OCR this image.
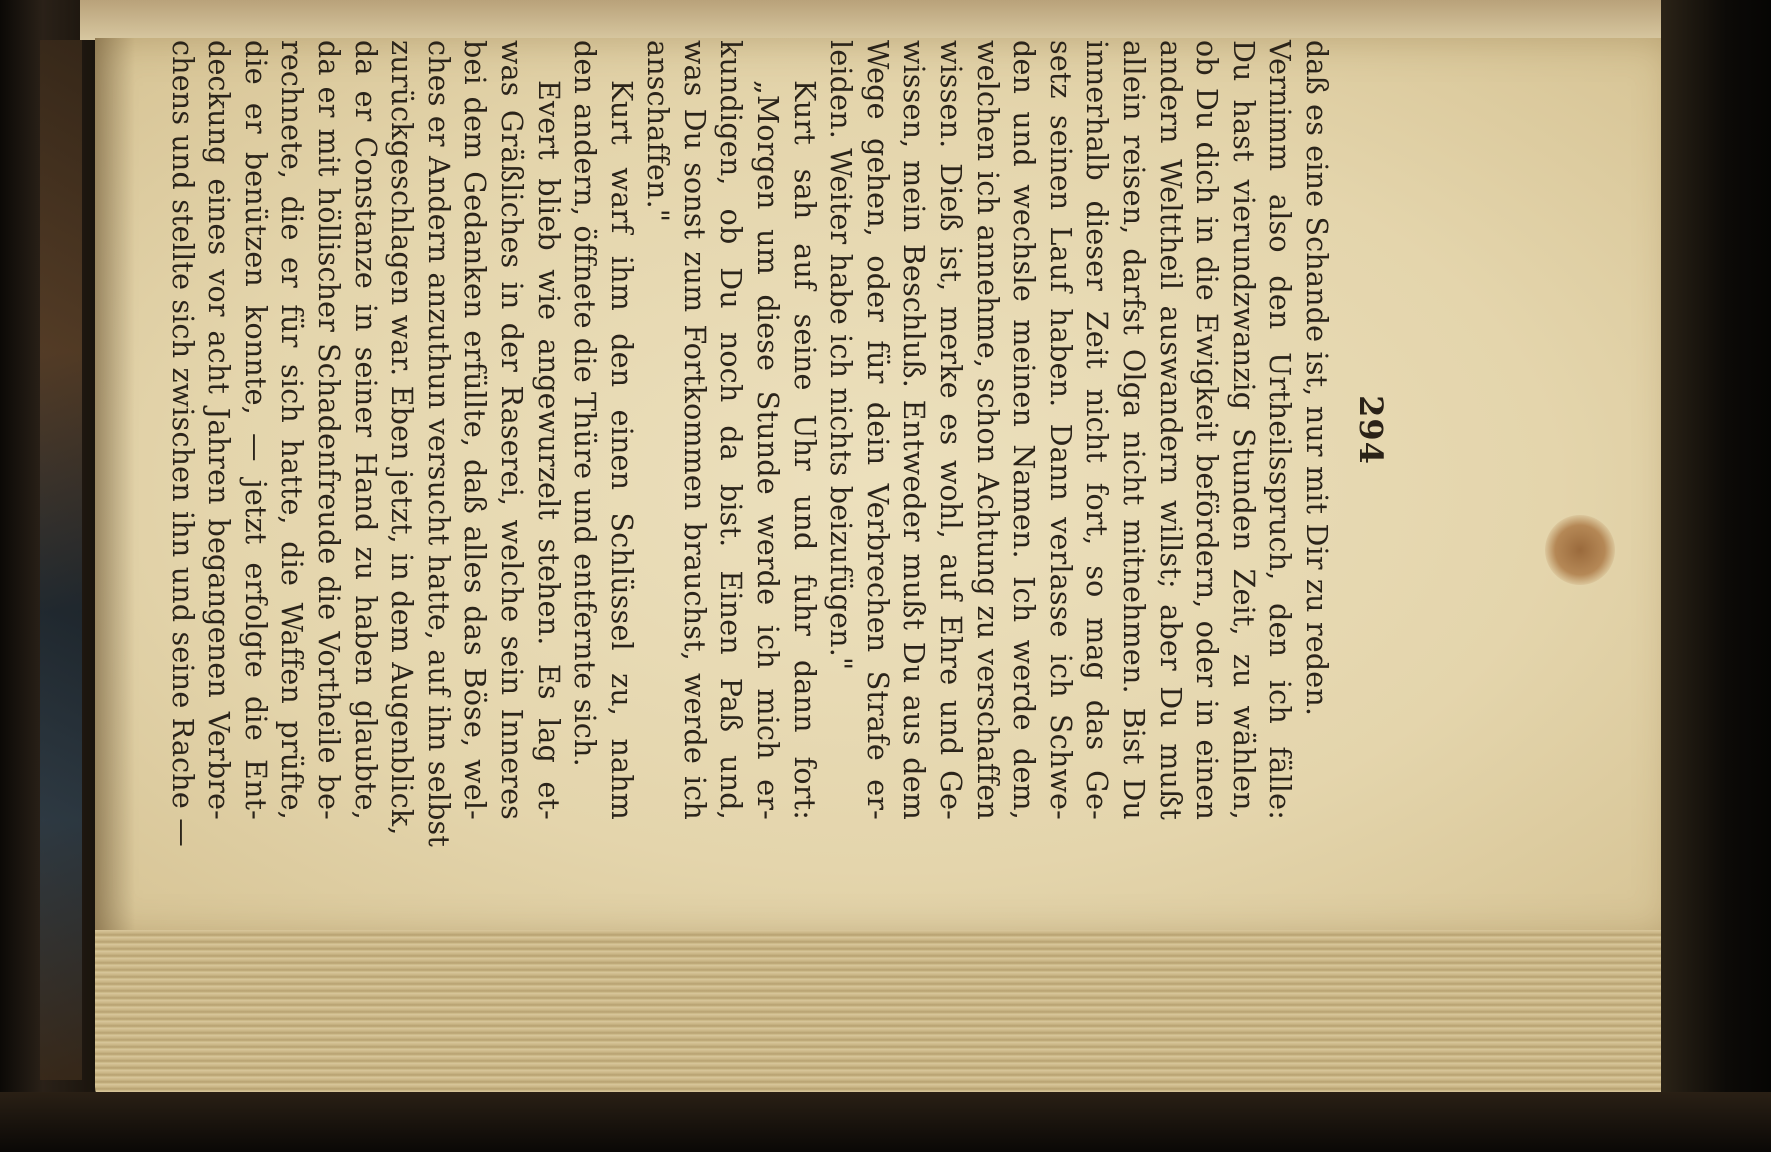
294
daß es eine Schande ist, nur mit Dir zu reden.
Vernimm also den Urtheilsspruch, den ich fälle:
Du hast vierundzwanzig Stunden Zeit, zu wählen,
ob Du dich in die Ewigkeit befördern, oder in einen
andern Welttheil auswandern willst; aber Du mußt
allein reisen, darfst Olga nicht mitnehmen. Bist Du
innerhalb dieser Zeit nicht fort, so mag das Ge-
setz seinen Lauf haben. Dann verlasse ich Schwe-
den und wechsle meinen Namen. Ich werde dem,
welchen ich annehme, schon Achtung zu verschaffen
wissen. Dieß ist, merke es wohl, auf Ehre und Ge-
wissen, mein Beschluß. Entweder mußt Du aus dem
Wege gehen, oder für dein Verbrechen Strafe er-
leiden. Weiter habe ich nichts beizufügen."
Kurt sah auf seine Uhr und fuhr dann fort:
„Morgen um diese Stunde werde ich mich er-
kundigen, ob Du noch da bist. Einen Paß und,
was Du sonst zum Fortkommen brauchst, werde ich
anschaffen."
Kurt warf ihm den einen Schlüssel zu, nahm
den andern, öffnete die Thüre und entfernte sich.
Evert blieb wie angewurzelt stehen. Es lag et-
was Gräßliches in der Raserei, welche sein Inneres
bei dem Gedanken erfüllte, daß alles das Böse, wel-
ches er Andern anzuthun versucht hatte, auf ihn selbst
zurückgeschlagen war. Eben jetzt, in dem Augenblick,
da er Constanze in seiner Hand zu haben glaubte,
da er mit höllischer Schadenfreude die Vortheile be-
rechnete, die er für sich hatte, die Waffen prüfte,
die er benützen konnte, — jetzt erfolgte die Ent-
deckung eines vor acht Jahren begangenen Verbre-
chens und stellte sich zwischen ihn und seine Rache —
